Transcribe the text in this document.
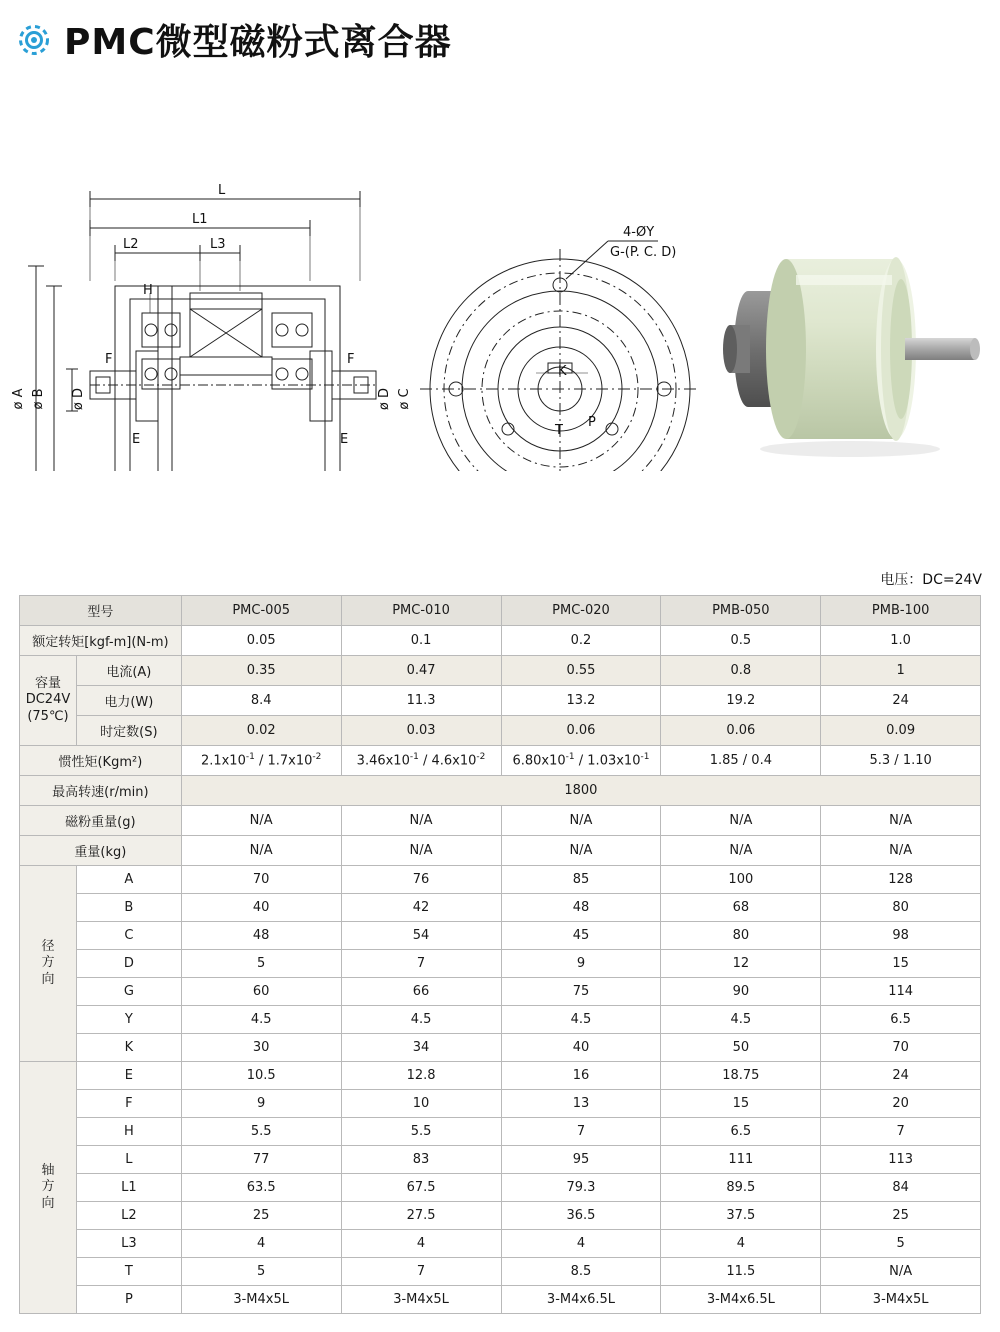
PMC微型磁粉式离合器
L
L1
L2	L3
H
F	F
E	E
ø A ø B ø D	ø D ø C
4-ØY
G-(P. C. D)
K
T
P
电压：DC=24V
型号		PMC-005	PMC-010	PMC-020	PMB-050	PMB-100
额定转矩[kgf-m](N-m)		0.05	0.1	0.2	0.5	1.0
容量
DC24V
(75℃)	电流(A)	0.35	0.47	0.55	0.8	1
	电力(W)	8.4	11.3	13.2	19.2	24
	时定数(S)	0.02	0.03	0.06	0.06	0.09
惯性矩(Kgm²)		$2.1x10^{-1} / 1.7x10^{-2}$	$3.46x10^{-1} / 4.6x10^{-2}$	$6.80x10^{-1} / 1.03x10^{-1}$	1.85 / 0.4	5.3 / 1.10
最高转速(r/min)		1800				
磁粉重量(g)		N/A	N/A	N/A	N/A	N/A
重量(kg)		N/A	N/A	N/A	N/A	N/A
径
方
向	A	70	76	85	100	128
	B	40	42	48	68	80
	C	48	54	45	80	98
	D	5	7	9	12	15
	G	60	66	75	90	114
	Y	4.5	4.5	4.5	4.5	6.5
	K	30	34	40	50	70
轴
方
向	E	10.5	12.8	16	18.75	24
	F	9	10	13	15	20
	H	5.5	5.5	7	6.5	7
	L	77	83	95	111	113
	L1	63.5	67.5	79.3	89.5	84
	L2	25	27.5	36.5	37.5	25
	L3	4	4	4	4	5
	T	5	7	8.5	11.5	N/A
	P	3-M4x5L	3-M4x5L	3-M4x6.5L	3-M4x6.5L	3-M4x5L
